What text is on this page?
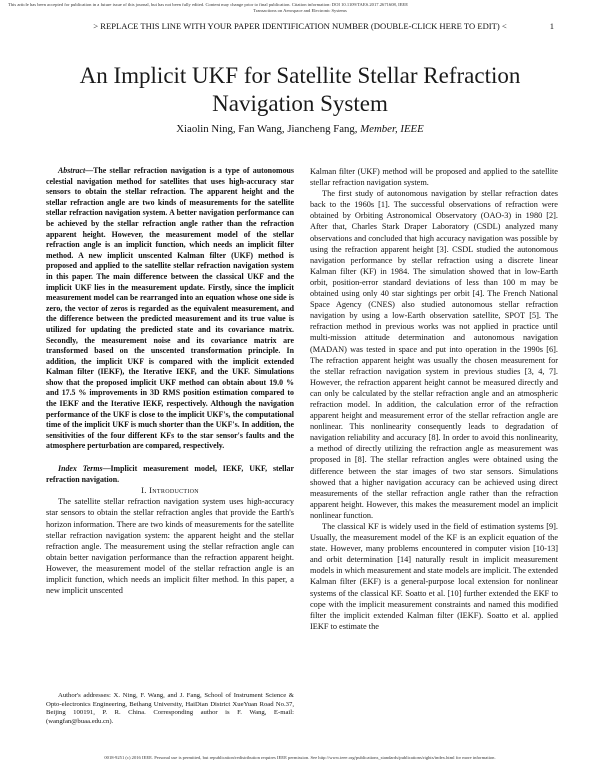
This article has been accepted for publication in a future issue of this journal, but has not been fully edited. Content may change prior to final publication. Citation information: DOI 10.1109/TAES.2017.2671608, IEEE
Transactions on Aerospace and Electronic Systems
> REPLACE THIS LINE WITH YOUR PAPER IDENTIFICATION NUMBER (DOUBLE-CLICK HERE TO EDIT) <	1
An Implicit UKF for Satellite Stellar Refraction Navigation System
Xiaolin Ning, Fan Wang, Jiancheng Fang, Member, IEEE

Abstract—The stellar refraction navigation is a type of autonomous celestial navigation method for satellites that uses high-accuracy star sensors to obtain the stellar refraction. The apparent height and the stellar refraction angle are two kinds of measurements for the satellite stellar refraction navigation system. A better navigation performance can be achieved by the stellar refraction angle rather than the refraction apparent height. However, the measurement model of the stellar refraction angle is an implicit function, which needs an implicit filter method. A new implicit unscented Kalman filter (UKF) method is proposed and applied to the satellite stellar refraction navigation system in this paper. The main difference between the classical UKF and the implicit UKF lies in the measurement update. Firstly, since the implicit measurement model can be rearranged into an equation whose one side is zero, the vector of zeros is regarded as the equivalent measurement, and the difference between the predicted measurement and its true value is utilized for updating the predicted state and its covariance matrix. Secondly, the measurement noise and its covariance matrix are transformed based on the unscented transformation principle. In addition, the implicit UKF is compared with the implicit extended Kalman filter (IEKF), the Iterative IEKF, and the UKF. Simulations show that the proposed implicit UKF method can obtain about 19.0 % and 17.5 % improvements in 3D RMS position estimation compared to the IEKF and the Iterative IEKF, respectively. Although the navigation performance of the UKF is close to the implicit UKF's, the computational time of the implicit UKF is much shorter than the UKF's. In addition, the sensitivities of the four different KFs to the star sensor's faults and the atmosphere perturbation are compared, respectively.

Index Terms—Implicit measurement model, IEKF, UKF, stellar refraction navigation.

I. Introduction

The satellite stellar refraction navigation system uses high-accuracy star sensors to obtain the stellar refraction angles that provide the Earth's horizon information. There are two kinds of measurements for the satellite stellar refraction navigation system: the apparent height and the stellar refraction angle. The measurement using the stellar refraction angle can obtain better navigation performance than the refraction apparent height. However, the measurement model of the stellar refraction angle is an implicit function, which needs an implicit filter method. In this paper, a new implicit unscented

Author's addresses: X. Ning, F. Wang, and J. Fang, School of Instrument Science & Opto-electronics Engineering, Beihang University, HaiDian District XueYuan Road No.37, Beijing 100191, P. R. China. Corresponding author is F. Wang, E-mail: (wangfan@buaa.edu.cn).

Kalman filter (UKF) method will be proposed and applied to the satellite stellar refraction navigation system.

The first study of autonomous navigation by stellar refraction dates back to the 1960s [1]. The successful observations of refraction were obtained by Orbiting Astronomical Observatory (OAO-3) in 1980 [2]. After that, Charles Stark Draper Laboratory (CSDL) analyzed many observations and concluded that high accuracy navigation was possible by using the refraction apparent height [3]. CSDL studied the autonomous navigation performance by stellar refraction using a discrete linear Kalman filter (KF) in 1984. The simulation showed that in low-Earth orbit, position-error standard deviations of less than 100 m may be obtained using only 40 star sightings per orbit [4]. The French National Space Agency (CNES) also studied autonomous stellar refraction navigation by using a low-Earth observation satellite, SPOT [5]. The refraction method in previous works was not applied in practice until multi-mission attitude determination and autonomous navigation (MADAN) was tested in space and put into operation in the 1990s [6]. The refraction apparent height was usually the chosen measurement for the stellar refraction navigation system in previous studies [3, 4, 7]. However, the refraction apparent height cannot be measured directly and can only be calculated by the stellar refraction angle and an atmospheric refraction model. In addition, the calculation error of the refraction apparent height and measurement error of the stellar refraction angle are nonlinear. This nonlinearity consequently leads to degradation of navigation reliability and accuracy [8]. In order to avoid this nonlinearity, a method of directly utilizing the refraction angle as measurement was proposed in [8]. The stellar refraction angles were obtained using the difference between the star images of two star sensors. Simulations showed that a higher navigation accuracy can be achieved using direct measurements of the stellar refraction angle rather than the refraction apparent height. However, this makes the measurement model an implicit nonlinear function.

The classical KF is widely used in the field of estimation systems [9]. Usually, the measurement model of the KF is an explicit equation of the state. However, many problems encountered in computer vision [10-13] and orbit determination [14] naturally result in implicit measurement models in which measurement and state models are implicit. The extended Kalman filter (EKF) is a general-purpose local extension for nonlinear systems of the classical KF. Soatto et al. [10] further extended the EKF to cope with the implicit measurement constraints and named this modified filter the implicit extended Kalman filter (IEKF). Soatto et al. applied IEKF to estimate the

0018-9251 (c) 2016 IEEE. Personal use is permitted, but republication/redistribution requires IEEE permission. See http://www.ieee.org/publications_standards/publications/rights/index.html for more information.
